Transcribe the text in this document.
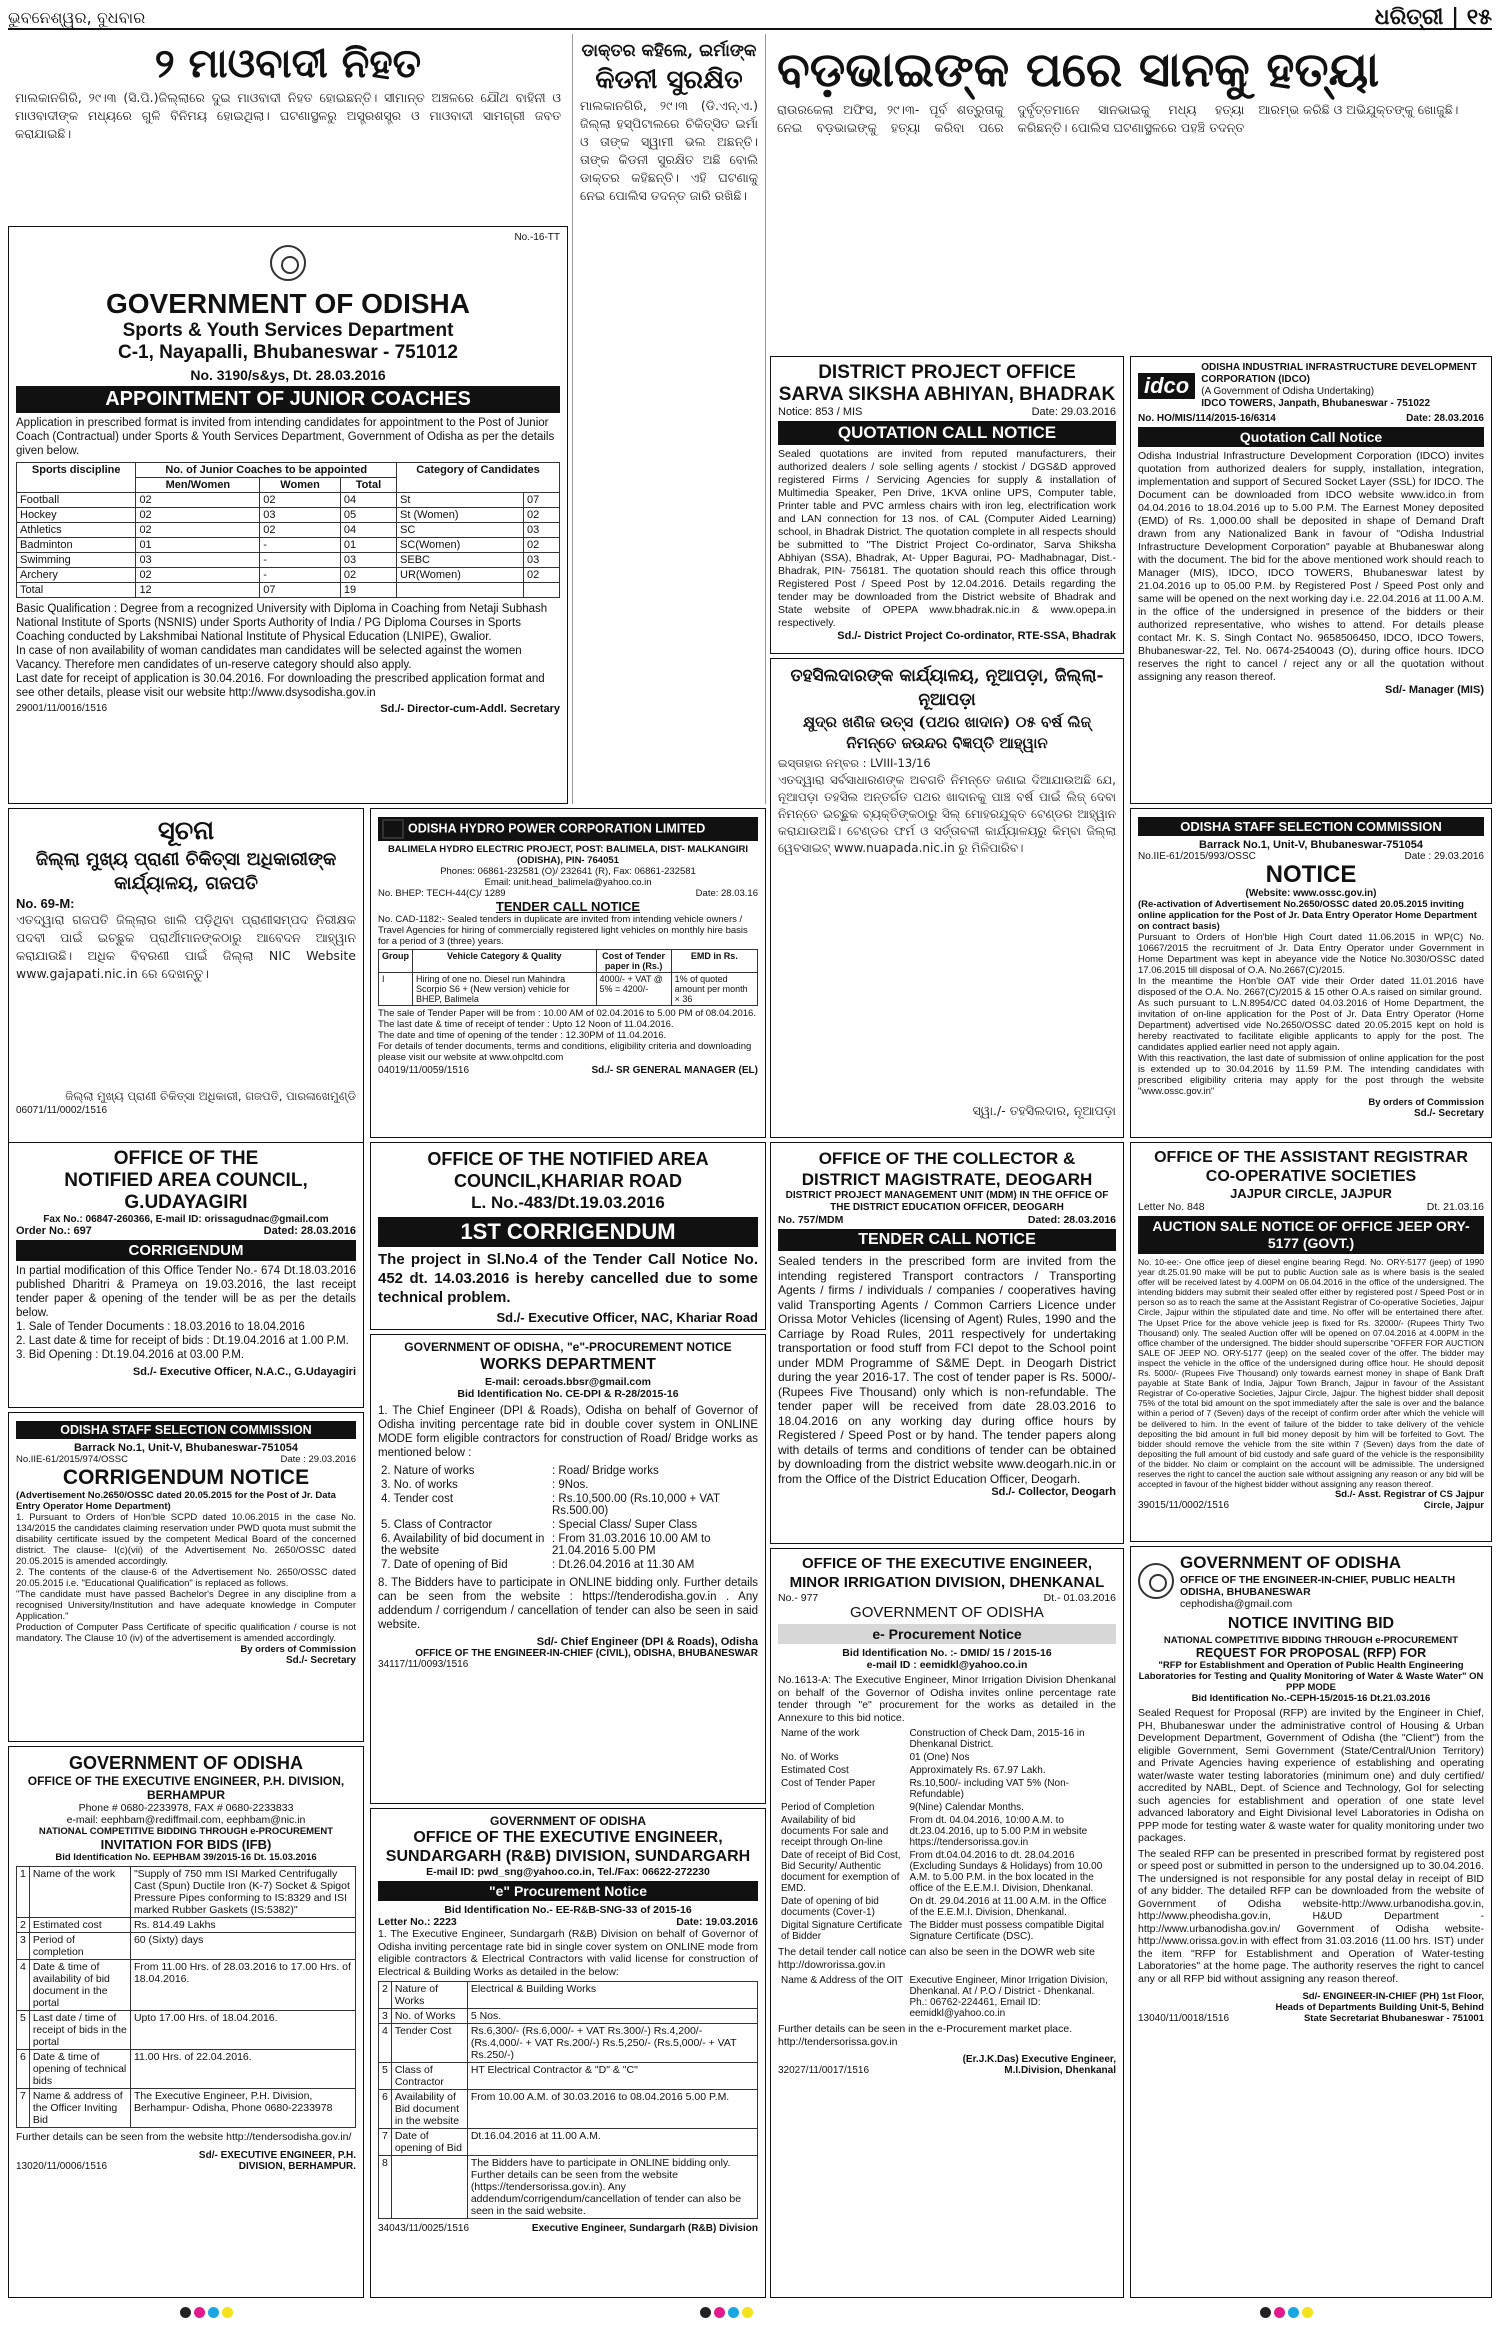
ଭୁବନେଶ୍ୱର, ବୁଧବାର	ଧରିତ୍ରୀ | ୧୫
୨ ମାଓବାଦୀ ନିହତ
ମାଲକାନଗିରି, ୨୯।୩ (ସି.ପି.)ଜିଲ୍ଲାରେ ଦୁଇ ମାଓବାଦୀ ନିହତ ହୋଇଛନ୍ତି। ସୀମାନ୍ତ ଅଞ୍ଚଳରେ ଯୌଥ ବାହିନୀ ଓ ମାଓବାଦୀଙ୍କ ମଧ୍ୟରେ ଗୁଳି ବିନିମୟ ହୋଇଥିଲା। ଘଟଣାସ୍ଥଳରୁ ଅସ୍ତ୍ରଶସ୍ତ୍ର ଓ ମାଓବାଦୀ ସାମଗ୍ରୀ ଜବତ କରାଯାଇଛି।
ଡାକ୍ତର କହିଲେ, ଇର୍ମାଙ୍କ
କିଡନୀ ସୁରକ୍ଷିତ
ମାଲକାନଗିରି, ୨୯।୩ (ଡି.ଏନ୍.ଏ.) ଜିଲ୍ଲା ହସ୍ପିଟାଲରେ ଚିକିତ୍ସିତ ଇର୍ମା ଓ ତାଙ୍କ ସ୍ୱାମୀ ଭଲ ଅଛନ୍ତି। ତାଙ୍କ କିଡନୀ ସୁରକ୍ଷିତ ଅଛି ବୋଲି ଡାକ୍ତର କହିଛନ୍ତି। ଏହି ଘଟଣାକୁ ନେଇ ପୋଲିସ ତଦନ୍ତ ଜାରି ରଖିଛି।
ବଡ଼ଭାଇଙ୍କ ପରେ ସାନକୁ ହତ୍ୟା
ରାଉରକେଲା ଅଫିସ, ୨୯।୩- ପୂର୍ବ ଶତ୍ରୁତାକୁ ନେଇ ବଡ଼ଭାଇଙ୍କୁ ହତ୍ୟା କରିବା ପରେ ଦୁର୍ବୃତ୍ତମାନେ ସାନଭାଇକୁ ମଧ୍ୟ ହତ୍ୟା କରିଛନ୍ତି। ପୋଲିସ ଘଟଣାସ୍ଥଳରେ ପହଞ୍ଚି ତଦନ୍ତ ଆରମ୍ଭ କରିଛି ଓ ଅଭିଯୁକ୍ତଙ୍କୁ ଖୋଜୁଛି।
No.-16-TT
GOVERNMENT OF ODISHA
Sports & Youth Services Department
C-1, Nayapalli, Bhubaneswar - 751012
No. 3190/s&ys, Dt. 28.03.2016
APPOINTMENT OF JUNIOR COACHES
Application in prescribed format is invited from intending candidates for appointment to the Post of Junior Coach (Contractual) under Sports & Youth Services Department, Government of Odisha as per the details given below.
Sports discipline	No. of Junior Coaches to be appointed			Category of Candidates	
	Men/Women	Women	Total		
Football	02	02	04	St	07
Hockey	02	03	05	St (Women)	02
Athletics	02	02	04	SC	03
Badminton	01	-	01	SC(Women)	02
Swimming	03	-	03	SEBC	03
Archery	02	-	02	UR(Women)	02
Total	12	07	19		
Basic Qualification : Degree from a recognized University with Diploma in Coaching from Netaji Subhash National Institute of Sports (NSNIS) under Sports Authority of India / PG Diploma Courses in Sports Coaching conducted by Lakshmibai National Institute of Physical Education (LNIPE), Gwalior.
In case of non availability of woman candidates man candidates will be selected against the women Vacancy. Therefore men candidates of un-reserve category should also apply.
Last date for receipt of application is 30.04.2016. For downloading the prescribed application format and see other details, please visit our website http://www.dsysodisha.gov.in
29001/11/0016/1516	Sd./- Director-cum-Addl. Secretary
DISTRICT PROJECT OFFICE
SARVA SIKSHA ABHIYAN, BHADRAK
Notice: 853 / MIS	Date: 29.03.2016
QUOTATION CALL NOTICE
Sealed quotations are invited from reputed manufacturers, their authorized dealers / sole selling agents / stockist / DGS&D approved registered Firms / Servicing Agencies for supply & installation of Multimedia Speaker, Pen Drive, 1KVA online UPS, Computer table, Printer table and PVC armless chairs with iron leg, electrification work and LAN connection for 13 nos. of CAL (Computer Aided Learning) school, in Bhadrak District. The quotation complete in all respects should be submitted to "The District Project Co-ordinator, Sarva Shiksha Abhiyan (SSA), Bhadrak, At- Upper Bagurai, PO- Madhabnagar, Dist.- Bhadrak, PIN- 756181. The quotation should reach this office through Registered Post / Speed Post by 12.04.2016. Details regarding the tender may be downloaded from the District website of Bhadrak and State website of OPEPA www.bhadrak.nic.in & www.opepa.in respectively.
Sd./- District Project Co-ordinator, RTE-SSA, Bhadrak
idco
ODISHA INDUSTRIAL INFRASTRUCTURE DEVELOPMENT CORPORATION (IDCO)
(A Government of Odisha Undertaking)
IDCO TOWERS, Janpath, Bhubaneswar - 751022
No. HO/MIS/114/2015-16/6314	Date: 28.03.2016
Quotation Call Notice
Odisha Industrial Infrastructure Development Corporation (IDCO) invites quotation from authorized dealers for supply, installation, integration, implementation and support of Secured Socket Layer (SSL) for IDCO. The Document can be downloaded from IDCO website www.idco.in from 04.04.2016 to 18.04.2016 up to 5.00 P.M. The Earnest Money deposited (EMD) of Rs. 1,000.00 shall be deposited in shape of Demand Draft drawn from any Nationalized Bank in favour of "Odisha Industrial Infrastructure Development Corporation" payable at Bhubaneswar along with the document. The bid for the above mentioned work should reach to Manager (MIS), IDCO, IDCO TOWERS, Bhubaneswar latest by 21.04.2016 up to 05.00 P.M. by Registered Post / Speed Post only and same will be opened on the next working day i.e. 22.04.2016 at 11.00 A.M. in the office of the undersigned in presence of the bidders or their authorized representative, who wishes to attend. For details please contact Mr. K. S. Singh Contact No. 9658506450, IDCO, IDCO Towers, Bhubaneswar-22, Tel. No. 0674-2540043 (O), during office hours. IDCO reserves the right to cancel / reject any or all the quotation without assigning any reason thereof.
Sd/- Manager (MIS)
ତହସିଲଦାରଙ୍କ କାର୍ଯ୍ୟାଳୟ, ନୂଆପଡ଼ା, ଜିଲ୍ଲା- ନୂଆପଡ଼ା
କ୍ଷୁଦ୍ର ଖଣିଜ ଉତ୍ସ (ପଥର ଖାଦାନ) ୦୫ ବର୍ଷ ଲିଜ୍ ନିମନ୍ତେ ଜଉନ୍ଦର ବିଜ୍ଞପ୍ତି ଆହ୍ୱାନ
ଇସ୍ତାହାର ନମ୍ବର : LVIII-13/16
ଏତଦ୍ୱାରା ସର୍ବସାଧାରଣଙ୍କ ଅବଗତି ନିମନ୍ତେ ଜଣାଇ ଦିଆଯାଉଅଛି ଯେ, ନୂଆପଡ଼ା ତହସିଲ ଅନ୍ତର୍ଗତ ପଥର ଖାଦାନକୁ ପାଞ୍ଚ ବର୍ଷ ପାଇଁ ଲିଜ୍ ଦେବା ନିମନ୍ତେ ଇଚ୍ଛୁକ ବ୍ୟକ୍ତିଙ୍କଠାରୁ ସିଲ୍ ମୋହରଯୁକ୍ତ ଟେଣ୍ଡର ଆହ୍ୱାନ କରାଯାଉଅଛି। ଟେଣ୍ଡର ଫର୍ମ ଓ ସର୍ତ୍ତାବଳୀ କାର୍ଯ୍ୟାଳୟରୁ କିମ୍ବା ଜିଲ୍ଲା ୱେବସାଇଟ୍ www.nuapada.nic.in ରୁ ମିଳିପାରିବ।
ସ୍ୱା./- ତହସିଲଦାର, ନୂଆପଡ଼ା
ସୂଚନା
ଜିଲ୍ଲା ମୁଖ୍ୟ ପ୍ରାଣୀ ଚିକିତ୍ସା ଅଧିକାରୀଙ୍କ କାର୍ଯ୍ୟାଳୟ, ଗଜପତି
No. 69-M:
ଏତଦ୍ୱାରା ଗଜପତି ଜିଲ୍ଲାର ଖାଲି ପଡ଼ିଥିବା ପ୍ରାଣୀସମ୍ପଦ ନିରୀକ୍ଷକ ପଦବୀ ପାଇଁ ଇଚ୍ଛୁକ ପ୍ରାର୍ଥୀମାନଙ୍କଠାରୁ ଆବେଦନ ଆହ୍ୱାନ କରାଯାଉଛି। ଅଧିକ ବିବରଣୀ ପାଇଁ ଜିଲ୍ଲା NIC Website www.gajapati.nic.in ରେ ଦେଖନ୍ତୁ।
ଜିଲ୍ଲା ମୁଖ୍ୟ ପ୍ରାଣୀ ଚିକିତ୍ସା ଅଧିକାରୀ, ଗଜପତି, ପାରଳାଖେମୁଣ୍ଡି
06071/11/0002/1516
ODISHA HYDRO POWER CORPORATION LIMITED
BALIMELA HYDRO ELECTRIC PROJECT, POST: BALIMELA, DIST- MALKANGIRI (ODISHA), PIN- 764051
Phones: 06861-232581 (O)/ 232641 (R), Fax: 06861-232581
Email: unit.head_balimela@yahoo.co.in
No. BHEP: TECH-44(C)/ 1289	Date: 28.03.16
TENDER CALL NOTICE
No. CAD-1182:- Sealed tenders in duplicate are invited from intending vehicle owners / Travel Agencies for hiring of commercially registered light vehicles on monthly hire basis for a period of 3 (three) years.
Group	Vehicle Category & Quality	Cost of Tender paper in (Rs.)	EMD in Rs.
I	Hiring of one no. Diesel run Mahindra Scorpio S6 + (New version) vehicle for BHEP, Balimela	4000/- + VAT @ 5% = 4200/-	1% of quoted amount per month × 36
The sale of Tender Paper will be from : 10.00 AM of 02.04.2016 to 5.00 PM of 08.04.2016.
The last date & time of receipt of tender : Upto 12 Noon of 11.04.2016.
The date and time of opening of the tender : 12.30PM of 11.04.2016.
For details of tender documents, terms and conditions, eligibility criteria and downloading please visit our website at www.ohpcltd.com
04019/11/0059/1516	Sd./- SR GENERAL MANAGER (EL)
ODISHA STAFF SELECTION COMMISSION
Barrack No.1, Unit-V, Bhubaneswar-751054
No.IIE-61/2015/993/OSSC	Date : 29.03.2016
NOTICE
(Website: www.ossc.gov.in)
(Re-activation of Advertisement No.2650/OSSC dated 20.05.2015 inviting online application for the Post of Jr. Data Entry Operator Home Department on contract basis)
Pursuant to Orders of Hon'ble High Court dated 11.06.2015 in WP(C) No. 10667/2015 the recruitment of Jr. Data Entry Operator under Government in Home Department was kept in abeyance vide the Notice No.3030/OSSC dated 17.06.2015 till disposal of O.A. No.2667(C)/2015.
In the meantime the Hon'ble OAT vide their Order dated 11.01.2016 have disposed of the O.A. No. 2667(C)/2015 & 15 other O.A.s raised on similar ground.
As such pursuant to L.N.8954/CC dated 04.03.2016 of Home Department, the invitation of on-line application for the Post of Jr. Data Entry Operator (Home Department) advertised vide No.2650/OSSC dated 20.05.2015 kept on hold is hereby reactivated to facilitate eligible applicants to apply for the post. The candidates applied earlier need not apply again.
With this reactivation, the last date of submission of online application for the post is extended up to 30.04.2016 by 11.59 P.M. The intending candidates with prescribed eligibility criteria may apply for the post through the website "www.ossc.gov.in"
By orders of Commission
Sd./- Secretary
OFFICE OF THE
NOTIFIED AREA COUNCIL, G.UDAYAGIRI
Fax No.: 06847-260366, E-mail ID: orissagudnac@gmail.com
Order No.: 697	Dated: 28.03.2016
CORRIGENDUM
In partial modification of this Office Tender No.- 674 Dt.18.03.2016 published Dharitri & Prameya on 19.03.2016, the last receipt tender paper & opening of the tender will be as per the details below.
1. Sale of Tender Documents : 18.03.2016 to 18.04.2016
2. Last date & time for receipt of bids : Dt.19.04.2016 at 1.00 P.M.
3. Bid Opening : Dt.19.04.2016 at 03.00 P.M.
Sd./- Executive Officer, N.A.C., G.Udayagiri
OFFICE OF THE NOTIFIED AREA COUNCIL,KHARIAR ROAD
L. No.-483/Dt.19.03.2016
1ST CORRIGENDUM
The project in Sl.No.4 of the Tender Call Notice No. 452 dt. 14.03.2016 is hereby cancelled due to some technical problem.
Sd./- Executive Officer, NAC, Khariar Road
OFFICE OF THE COLLECTOR & DISTRICT MAGISTRATE, DEOGARH
DISTRICT PROJECT MANAGEMENT UNIT (MDM) IN THE OFFICE OF THE DISTRICT EDUCATION OFFICER, DEOGARH
No. 757/MDM	Dated: 28.03.2016
TENDER CALL NOTICE
Sealed tenders in the prescribed form are invited from the intending registered Transport contractors / Transporting Agents / firms / individuals / companies / cooperatives having valid Transporting Agents / Common Carriers Licence under Orissa Motor Vehicles (licensing of Agent) Rules, 1990 and the Carriage by Road Rules, 2011 respectively for undertaking transportation or food stuff from FCI depot to the School point under MDM Programme of S&ME Dept. in Deogarh District during the year 2016-17. The cost of tender paper is Rs. 5000/- (Rupees Five Thousand) only which is non-refundable. The tender paper will be received from date 28.03.2016 to 18.04.2016 on any working day during office hours by Registered / Speed Post or by hand. The tender papers along with details of terms and conditions of tender can be obtained by downloading from the district website www.deogarh.nic.in or from the Office of the District Education Officer, Deogarh.
Sd./- Collector, Deogarh
OFFICE OF THE ASSISTANT REGISTRAR CO-OPERATIVE SOCIETIES
JAJPUR CIRCLE, JAJPUR
Letter No. 848	Dt. 21.03.16
AUCTION SALE NOTICE OF OFFICE JEEP ORY-5177 (GOVT.)
No. 10-ee:- One office jeep of diesel engine bearing Regd. No. ORY-5177 (jeep) of 1990 year dt.25.01.90 make will be put to public Auction sale as is where basis is the sealed offer will be received latest by 4.00PM on 06.04.2016 in the office of the undersigned. The intending bidders may submit their sealed offer either by registered post / Speed Post or in person so as to reach the same at the Assistant Registrar of Co-operative Societies, Jajpur Circle, Jajpur within the stipulated date and time. No offer will be entertained there after. The Upset Price for the above vehicle jeep is fixed for Rs. 32000/- (Rupees Thirty Two Thousand) only. The sealed Auction offer will be opened on 07.04.2016 at 4.00PM in the office chamber of the undersigned. The bidder should superscribe "OFFER FOR AUCTION SALE OF JEEP NO. ORY-5177 (jeep) on the sealed cover of the offer. The bidder may inspect the vehicle in the office of the undersigned during office hour. He should deposit Rs. 5000/- (Rupees Five Thousand) only towards earnest money in shape of Bank Draft payable at State Bank of India, Jajpur Town Branch, Jajpur in favour of the Assistant Registrar of Co-operative Societies, Jajpur Circle, Jajpur. The highest bidder shall deposit 75% of the total bid amount on the spot immediately after the sale is over and the balance within a period of 7 (Seven) days of the receipt of confirm order after which the vehicle will be delivered to him. In the event of failure of the bidder to take delivery of the vehicle depositing the bid amount in full bid money deposit by him will be forfeited to Govt. The bidder should remove the vehicle from the site within 7 (Seven) days from the date of depositing the full amount of bid custody and safe guard of the vehicle is the responsibility of the bidder. No claim or complaint on the account will be admissible. The undersigned reserves the right to cancel the auction sale without assigning any reason or any bid will be accepted in favour of the highest bidder without assigning any reason thereof.
39015/11/0002/1516
Sd./- Asst. Registrar of CS Jajpur Circle, Jajpur
GOVERNMENT OF ODISHA, "e"-PROCUREMENT NOTICE
WORKS DEPARTMENT
E-mail: ceroads.bbsr@gmail.com
Bid Identification No. CE-DPI & R-28/2015-16
1. The Chief Engineer (DPI & Roads), Odisha on behalf of Governor of Odisha inviting percentage rate bid in double cover system in ONLINE MODE form eligible contractors for construction of Road/ Bridge works as mentioned below :
2. Nature of works	: Road/ Bridge works
3. No. of works	: 9Nos.
4. Tender cost	: Rs.10,500.00 (Rs.10,000 + VAT Rs.500.00)
5. Class of Contractor	: Special Class/ Super Class
6. Availability of bid document in the website	: From 31.03.2016 10.00 AM to 21.04.2016 5.00 PM
7. Date of opening of Bid	: Dt.26.04.2016 at 11.30 AM
8. The Bidders have to participate in ONLINE bidding only. Further details can be seen from the website : https://tenderodisha.gov.in . Any addendum / corrigendum / cancellation of tender can also be seen in said website.
Sd/- Chief Engineer (DPI & Roads), Odisha
OFFICE OF THE ENGINEER-IN-CHIEF (CIVIL), ODISHA, BHUBANESWAR
34117/11/0093/1516
ODISHA STAFF SELECTION COMMISSION
Barrack No.1, Unit-V, Bhubaneswar-751054
No.IIE-61/2015/974/OSSC	Date : 29.03.2016
CORRIGENDUM NOTICE
(Advertisement No.2650/OSSC dated 20.05.2015 for the Post of Jr. Data Entry Operator Home Department)
1. Pursuant to Orders of Hon'ble SCPD dated 10.06.2015 in the case No. 134/2015 the candidates claiming reservation under PWD quota must submit the disability certificate issued by the competent Medical Board of the concerned district. The clause- I(c)(vii) of the Advertisement No. 2650/OSSC dated 20.05.2015 is amended accordingly.
2. The contents of the clause-6 of the Advertisement No. 2650/OSSC dated 20.05.2015 i.e. "Educational Qualification" is replaced as follows.
"The candidate must have passed Bachelor's Degree in any discipline from a recognised University/Institution and have adequate knowledge in Computer Application."
Production of Computer Pass Certificate of specific qualification / course is not mandatory. The Clause 10 (iv) of the advertisement is amended accordingly.
By orders of Commission
Sd./- Secretary
OFFICE OF THE EXECUTIVE ENGINEER, MINOR IRRIGATION DIVISION, DHENKANAL
No.- 977	Dt.- 01.03.2016
GOVERNMENT OF ODISHA
e- Procurement Notice
Bid Identification No. :- DMID/ 15 / 2015-16
e-mail ID : eemidkl@yahoo.co.in
No.1613-A: The Executive Engineer, Minor Irrigation Division Dhenkanal on behalf of the Governor of Odisha invites online percentage rate tender through "e" procurement for the works as detailed in the Annexure to this bid notice.
Name of the work	Construction of Check Dam, 2015-16 in Dhenkanal District.
No. of Works	01 (One) Nos
Estimated Cost	Approximately Rs. 67.97 Lakh.
Cost of Tender Paper	Rs.10,500/- including VAT 5% (Non-Refundable)
Period of Completion	9(Nine) Calendar Months.
Availability of bid documents For sale and receipt through On-line	From dt. 04.04.2016, 10:00 A.M. to dt.23.04.2016, up to 5.00 P.M in website https://tendersorissa.gov.in
Date of receipt of Bid Cost, Bid Security/ Authentic document for exemption of EMD.	From dt.04.04.2016 to dt. 28.04.2016 (Excluding Sundays & Holidays) from 10.00 A.M. to 5.00 P.M. in the box located in the office of the E.E.M.I. Division, Dhenkanal.
Date of opening of bid documents (Cover-1)	On dt. 29.04.2016 at 11.00 A.M. in the Office of the E.E.M.I. Division, Dhenkanal.
Digital Signature Certificate of Bidder	The Bidder must possess compatible Digital Signature Certificate (DSC).
The detail tender call notice can also be seen in the DOWR web site http://dowrorissa.gov.in
Name & Address of the OIT	Executive Engineer, Minor Irrigation Division, Dhenkanal. At / P.O / District - Dhenkanal. Ph.: 06762-224461, Email ID: eemidkl@yahoo.co.in
Further details can be seen in the e-Procurement market place. http://tendersorissa.gov.in
32027/11/0017/1516
(Er.J.K.Das) Executive Engineer, M.I.Division, Dhenkanal
GOVERNMENT OF ODISHA
OFFICE OF THE ENGINEER-IN-CHIEF, PUBLIC HEALTH ODISHA, BHUBANESWAR
cephodisha@gmail.com
NOTICE INVITING BID
NATIONAL COMPETITIVE BIDDING THROUGH e-PROCUREMENT
REQUEST FOR PROPOSAL (RFP) FOR
"RFP for Establishment and Operation of Public Health Engineering Laboratories for Testing and Quality Monitoring of Water & Waste Water" ON PPP MODE
Bid Identification No.-CEPH-15/2015-16 Dt.21.03.2016
Sealed Request for Proposal (RFP) are invited by the Engineer in Chief, PH, Bhubaneswar under the administrative control of Housing & Urban Development Department, Government of Odisha (the "Client") from the eligible Government, Semi Government (State/Central/Union Territory) and Private Agencies having experience of establishing and operating water/waste water testing laboratories (minimum one) and duly certified/ accredited by NABL, Dept. of Science and Technology, GoI for selecting such agencies for establishment and operation of one state level advanced laboratory and Eight Divisional level Laboratories in Odisha on PPP mode for testing water & waste water for quality monitoring under two packages.
The sealed RFP can be presented in prescribed format by registered post or speed post or submitted in person to the undersigned up to 30.04.2016. The undersigned is not responsible for any postal delay in receipt of BID of any bidder. The detailed RFP can be downloaded from the website of Government of Odisha website-http://www.urbanodisha.gov.in, http://www.pheodisha.gov.in, H&UD Department -http://www.urbanodisha.gov.in/ Government of Odisha website-http://www.orissa.gov.in with effect from 31.03.2016 (11.00 hrs. IST) under the item "RFP for Establishment and Operation of Water-testing Laboratories" at the home page. The authority reserves the right to cancel any or all RFP bid without assigning any reason thereof.
13040/11/0018/1516
Sd/- ENGINEER-IN-CHIEF (PH) 1st Floor, Heads of Departments Building Unit-5, Behind State Secretariat Bhubaneswar - 751001
GOVERNMENT OF ODISHA
OFFICE OF THE EXECUTIVE ENGINEER, P.H. DIVISION, BERHAMPUR
Phone # 0680-2233978, FAX # 0680-2233833
e-mail: eephbam@rediffmail.com, eephbam@nic.in
NATIONAL COMPETITIVE BIDDING THROUGH e-PROCUREMENT
INVITATION FOR BIDS (IFB)
Bid Identification No. EEPHBAM 39/2015-16 Dt. 15.03.2016
1	Name of the work	"Supply of 750 mm ISI Marked Centrifugally Cast (Spun) Ductile Iron (K-7) Socket & Spigot Pressure Pipes conforming to IS:8329 and ISI marked Rubber Gaskets (IS:5382)"
2	Estimated cost	Rs. 814.49 Lakhs
3	Period of completion	60 (Sixty) days
4	Date & time of availability of bid document in the portal	From 11.00 Hrs. of 28.03.2016 to 17.00 Hrs. of 18.04.2016.
5	Last date / time of receipt of bids in the portal	Upto 17.00 Hrs. of 18.04.2016.
6	Date & time of opening of technical bids	11.00 Hrs. of 22.04.2016.
7	Name & address of the Officer Inviting Bid	The Executive Engineer, P.H. Division, Berhampur- Odisha, Phone 0680-2233978
Further details can be seen from the website http://tendersodisha.gov.in/
13020/11/0006/1516
Sd/- EXECUTIVE ENGINEER, P.H. DIVISION, BERHAMPUR.
GOVERNMENT OF ODISHA
OFFICE OF THE EXECUTIVE ENGINEER, SUNDARGARH (R&B) DIVISION, SUNDARGARH
E-mail ID: pwd_sng@yahoo.co.in, Tel./Fax: 06622-272230
"e" Procurement Notice
Bid Identification No.- EE-R&B-SNG-33 of 2015-16
Letter No.: 2223	Date: 19.03.2016
1. The Executive Engineer, Sundargarh (R&B) Division on behalf of Governor of Odisha inviting percentage rate bid in single cover system on ONLINE mode from eligible contractors & Electrical Contractors with valid license for construction of Electrical & Building Works as detailed in the below:
2	Nature of Works	Electrical & Building Works
3	No. of Works	5 Nos.
4	Tender Cost	Rs.6,300/- (Rs.6,000/- + VAT Rs.300/-) Rs.4,200/- (Rs.4,000/- + VAT Rs.200/-) Rs.5,250/- (Rs.5,000/- + VAT Rs.250/-)
5	Class of Contractor	HT Electrical Contractor & "D" & "C"
6	Availability of Bid document in the website	From 10.00 A.M. of 30.03.2016 to 08.04.2016 5.00 P.M.
7	Date of opening of Bid	Dt.16.04.2016 at 11.00 A.M.
8		The Bidders have to participate in ONLINE bidding only. Further details can be seen from the website (https://tendersorissa.gov.in). Any addendum/corrigendum/cancellation of tender can also be seen in the said website.
34043/11/0025/1516	Executive Engineer, Sundargarh (R&B) Division
